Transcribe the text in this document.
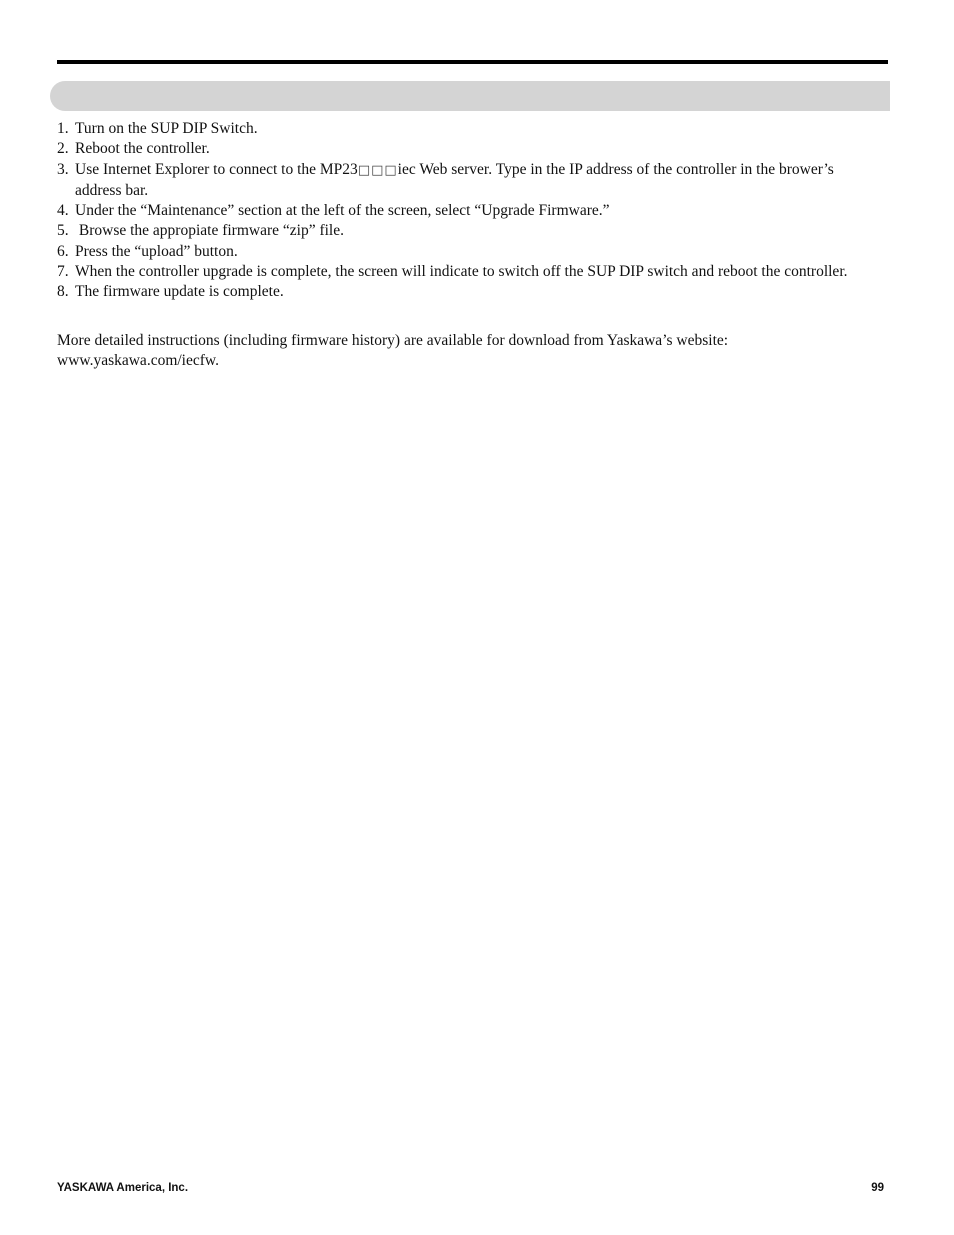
1. Turn on the SUP DIP Switch.
2. Reboot the controller.
3. Use Internet Explorer to connect to the MP23□□□iec Web server. Type in the IP address of the controller in the brower’s address bar.
4. Under the “Maintenance” section at the left of the screen, select “Upgrade Firmware.”
5. Browse the appropiate firmware “zip” file.
6. Press the “upload” button.
7. When the controller upgrade is complete, the screen will indicate to switch off the SUP DIP switch and reboot the controller.
8. The firmware update is complete.

More detailed instructions (including firmware history) are available for download from Yaskawa’s website:
www.yaskawa.com/iecfw.

YASKAWA America, Inc.	99
